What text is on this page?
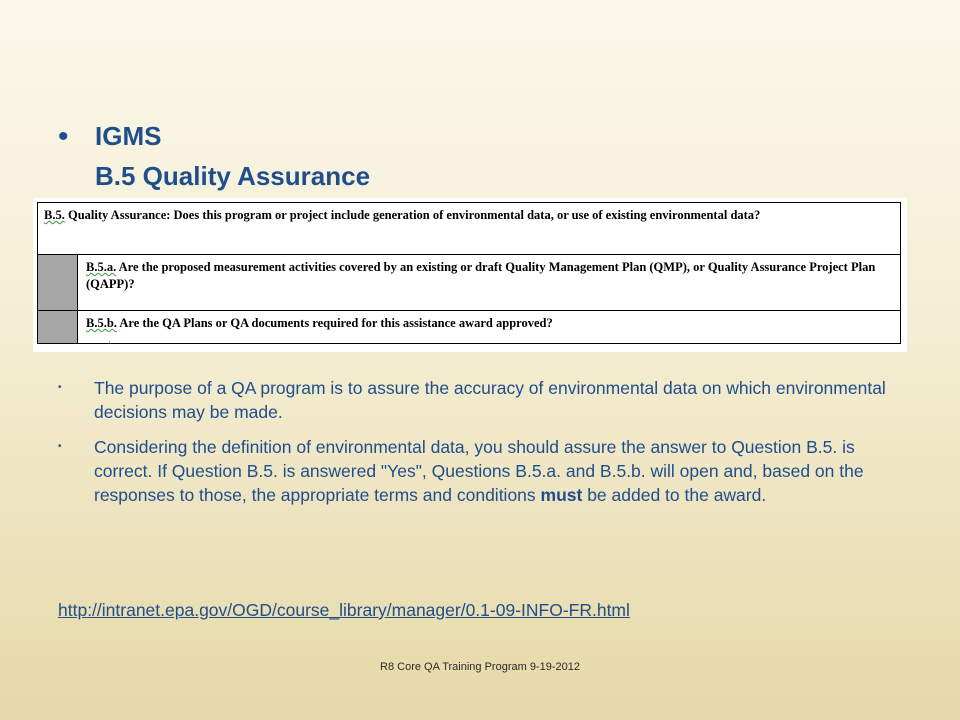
• IGMS
B.5 Quality Assurance
B.5. Quality Assurance: Does this program or project include generation of environmental data, or use of existing environmental data?
B.5.a. Are the proposed measurement activities covered by an existing or draft Quality Management Plan (QMP), or Quality Assurance Project Plan (QAPP)?
B.5.b. Are the QA Plans or QA documents required for this assistance award approved?
'
• The purpose of a QA program is to assure the accuracy of environmental data on which environmental decisions may be made.
• Considering the definition of environmental data, you should assure the answer to Question B.5. is correct. If Question B.5. is answered "Yes", Questions B.5.a. and B.5.b. will open and, based on the responses to those, the appropriate terms and conditions must be added to the award.
http://intranet.epa.gov/OGD/course_library/manager/0.1-09-INFO-FR.html
R8 Core QA Training Program 9-19-2012
